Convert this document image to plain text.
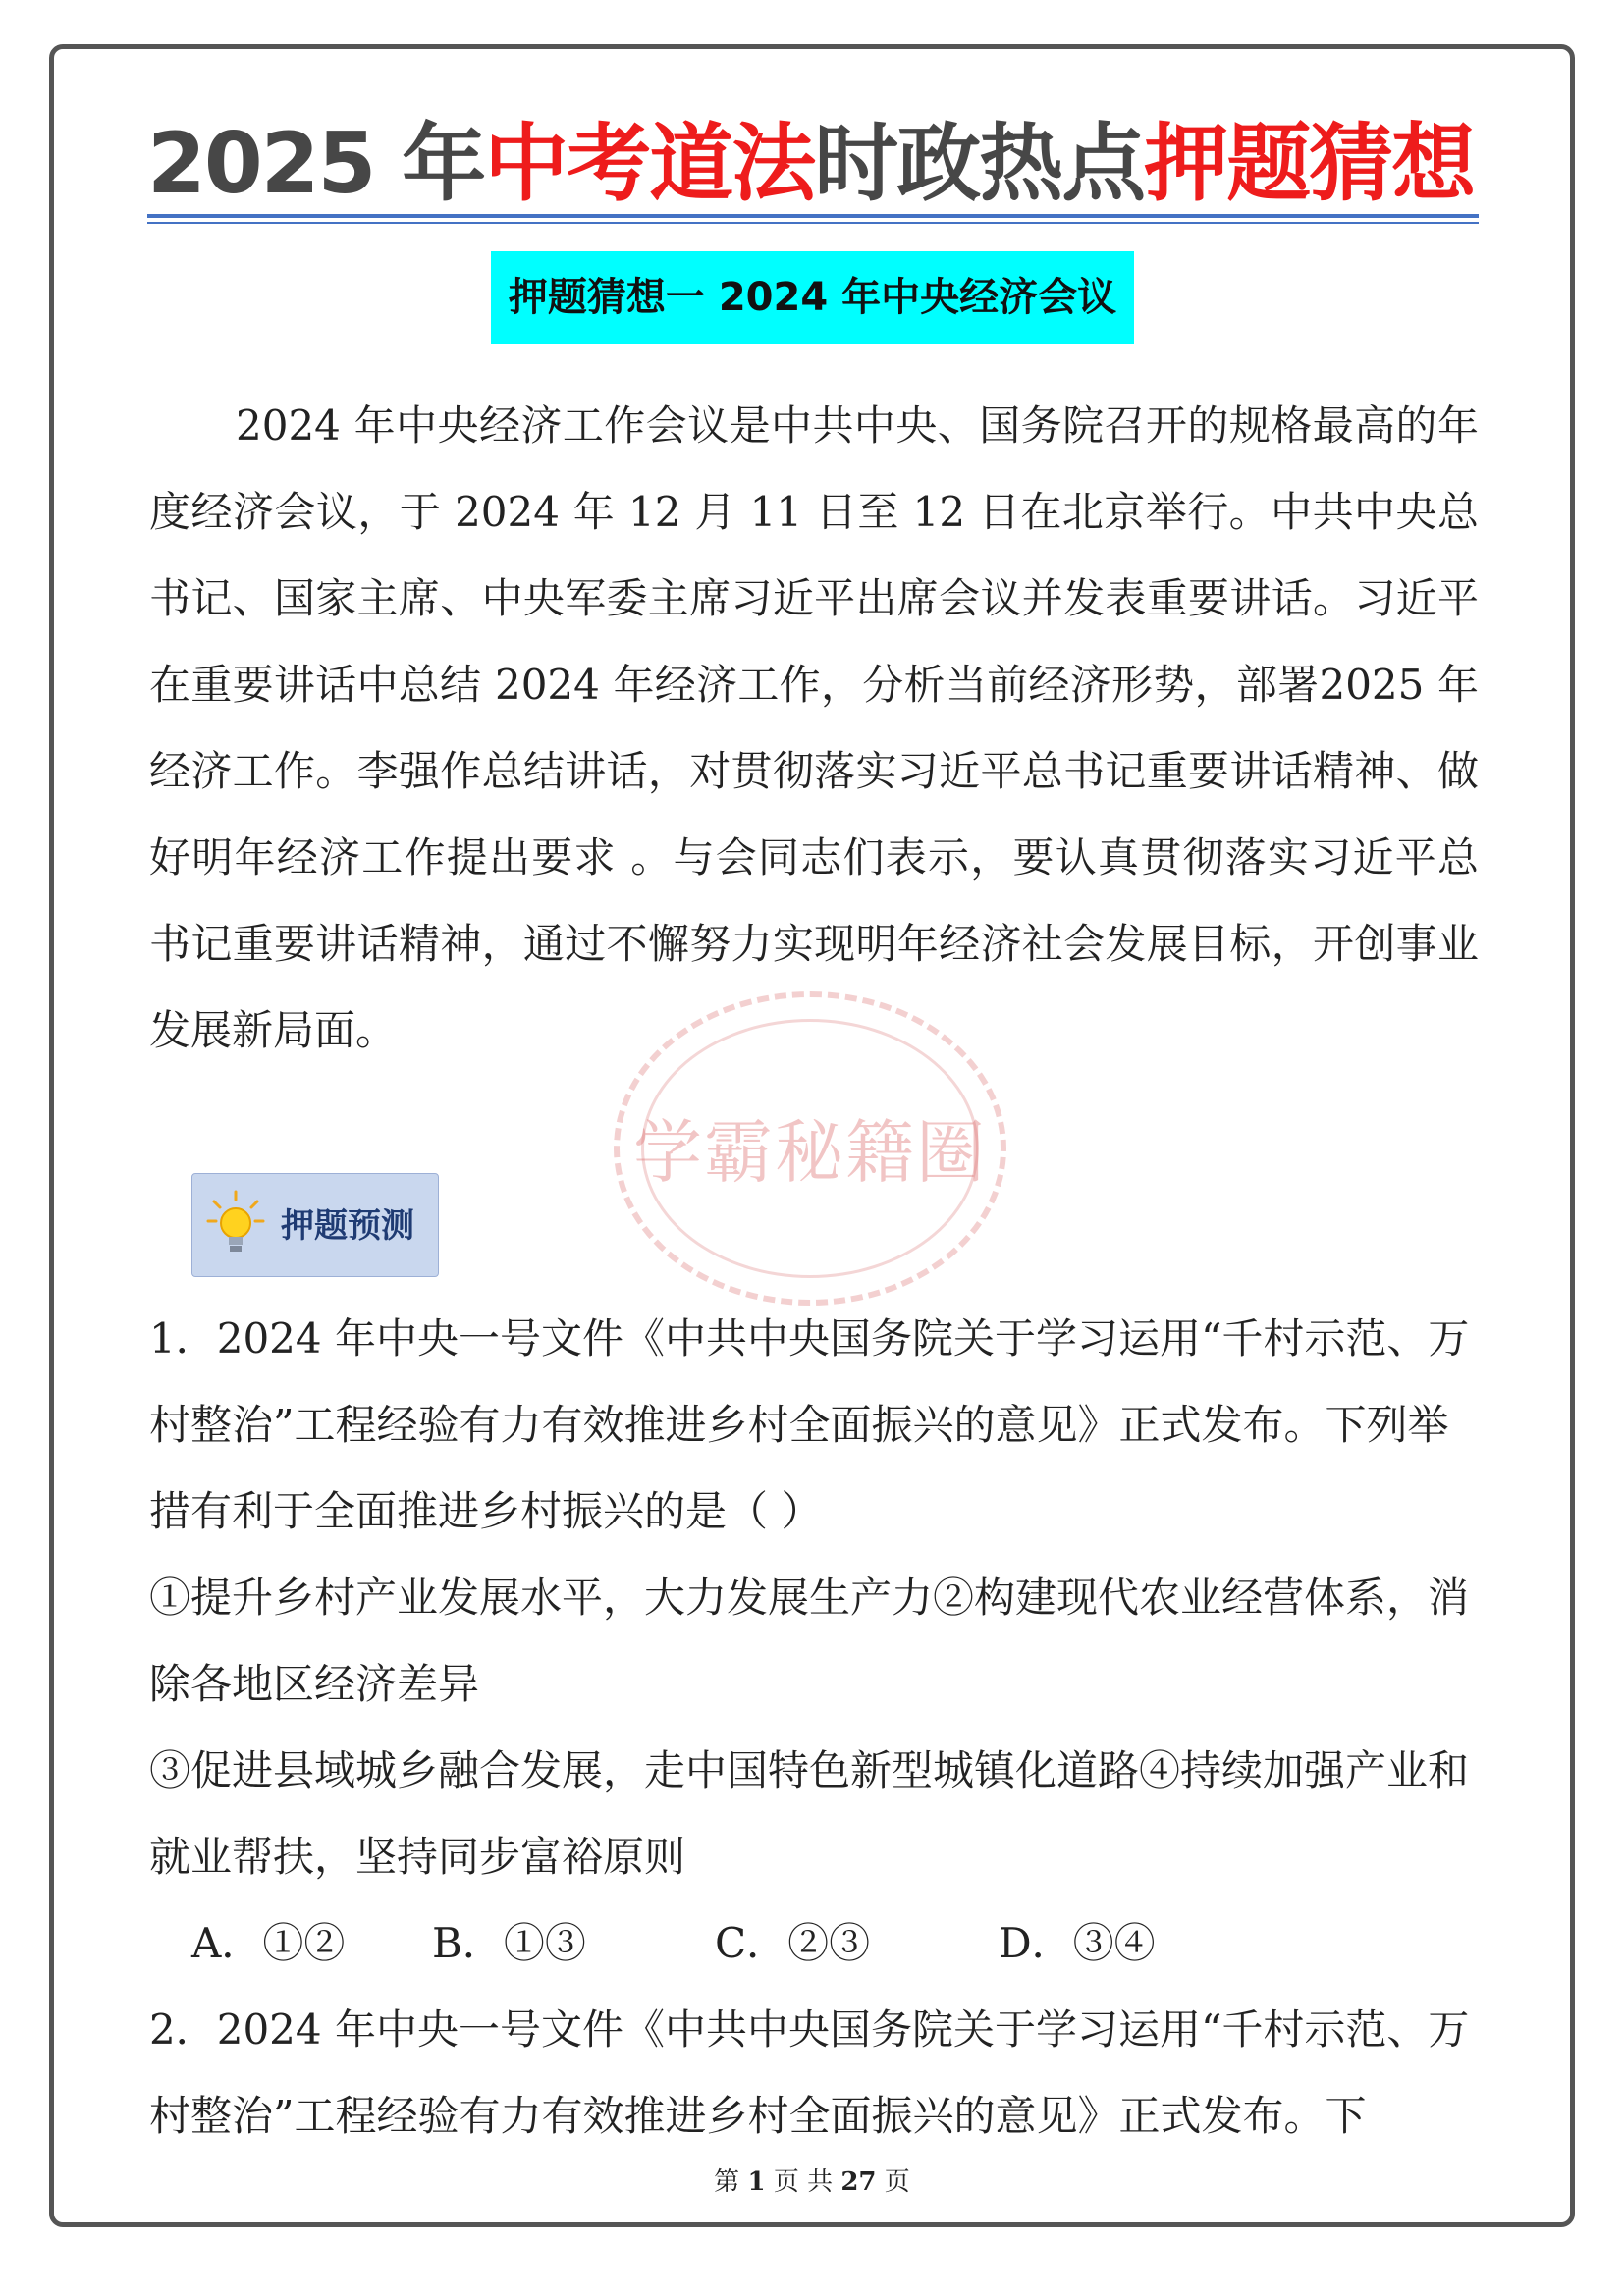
2025 年中考道法时政热点押题猜想
押题猜想一 2024 年中央经济会议
2024 年中央经济工作会议是中共中央、国务院召开的规格最高的年度经济会议，于 2024 年 12 月 11 日至 12 日在北京举行。中共中央总书记、国家主席、中央军委主席习近平出席会议并发表重要讲话。习近平在重要讲话中总结 2024 年经济工作，分析当前经济形势，部署2025 年经济工作。李强作总结讲话，对贯彻落实习近平总书记重要讲话精神、做好明年经济工作提出要求 。与会同志们表示，要认真贯彻落实习近平总书记重要讲话精神，通过不懈努力实现明年经济社会发展目标，开创事业发展新局面。
学霸秘籍圈
押题预测
1．2024 年中央一号文件《中共中央国务院关于学习运用“千村示范、万村整治”工程经验有力有效推进乡村全面振兴的意见》正式发布。下列举措有利于全面推进乡村振兴的是（ ）
①提升乡村产业发展水平，大力发展生产力②构建现代农业经营体系，消除各地区经济差异
③促进县域城乡融合发展，走中国特色新型城镇化道路④持续加强产业和就业帮扶，坚持同步富裕原则
A．①② B．①③	C．②③	D．③④
2．2024 年中央一号文件《中共中央国务院关于学习运用“千村示范、万村整治”工程经验有力有效推进乡村全面振兴的意见》正式发布。下
第 1 页 共 27 页
